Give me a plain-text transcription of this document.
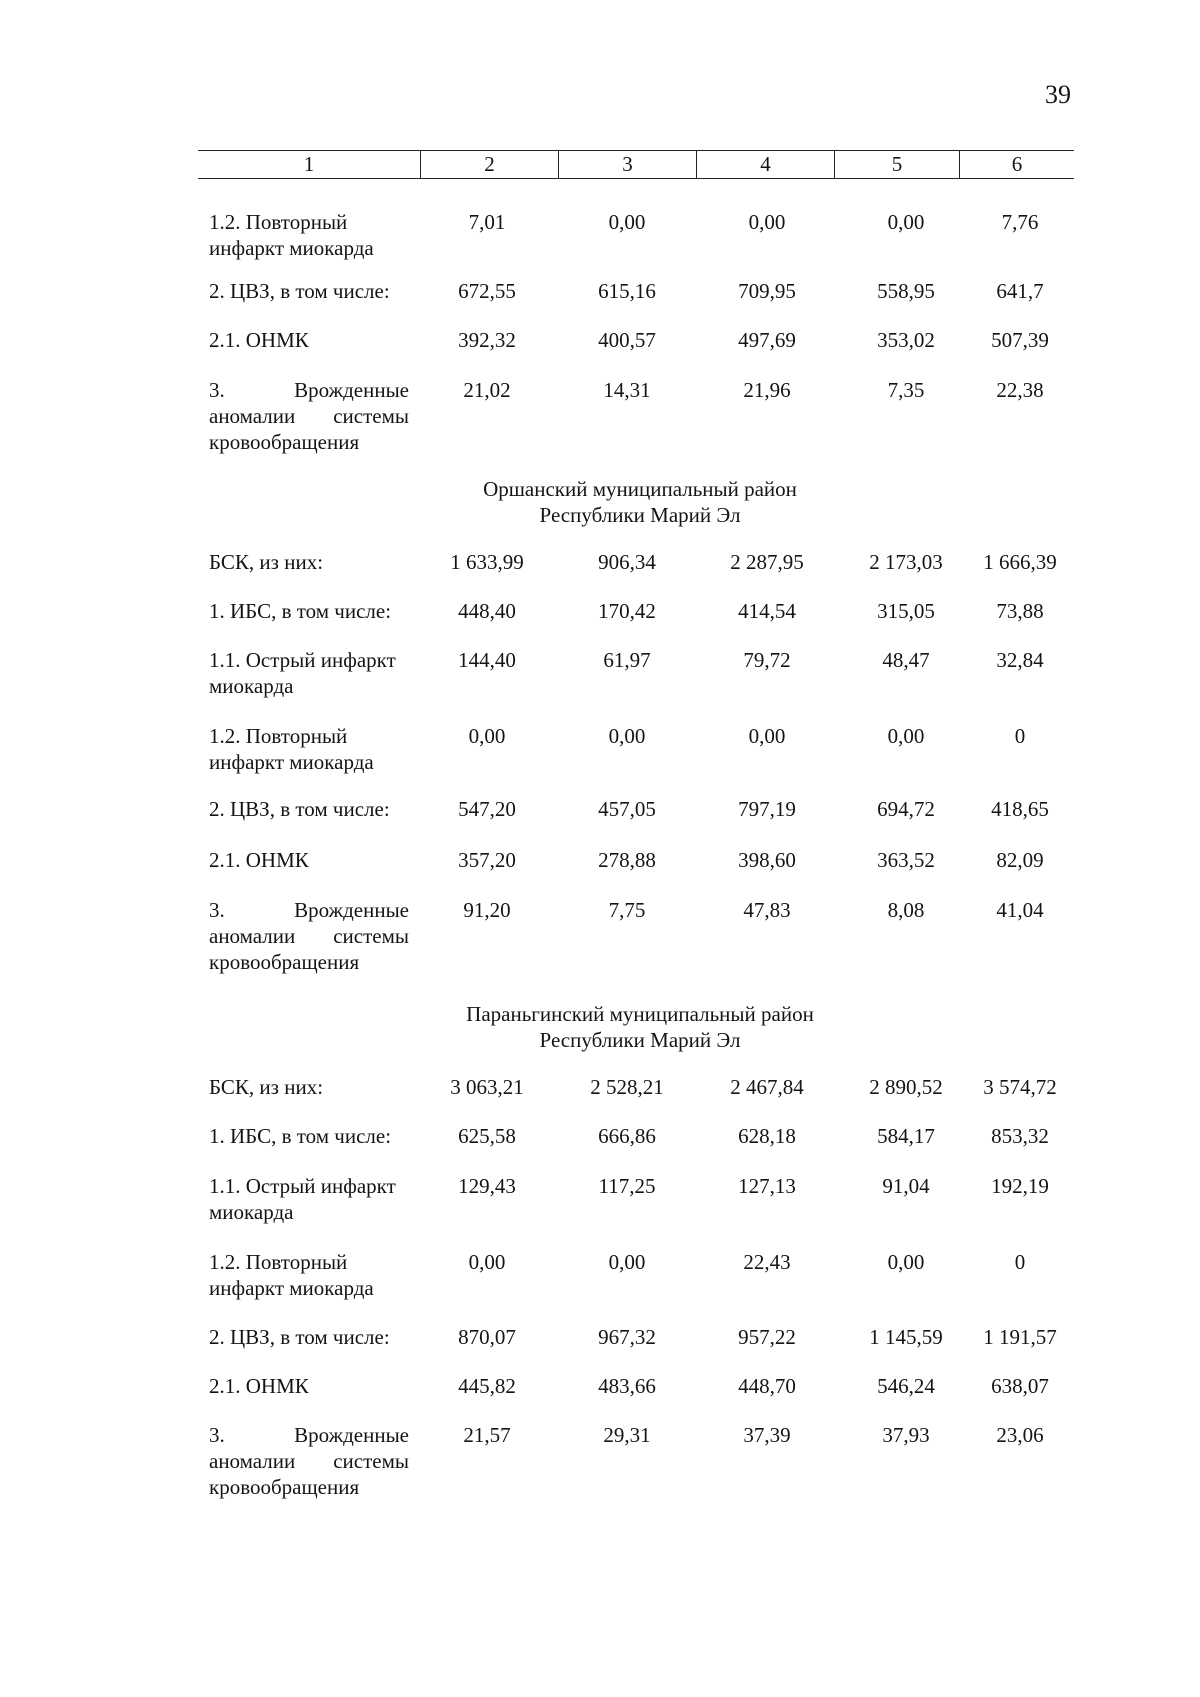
39
1	2	3	4	5	6
1.2. Повторный
инфаркт миокарда
7,01	0,00	0,00	0,00	7,76
2. ЦВЗ, в том числе:	672,55	615,16	709,95	558,95	641,7
2.1. ОНМК	392,32	400,57	497,69	353,02	507,39
3. Врожденные
аномалии системы
кровообращения
21,02	14,31	21,96	7,35	22,38
Оршанский муниципальный район
Республики Марий Эл
БСК, из них:	1 633,99	906,34	2 287,95	2 173,03	1 666,39
1. ИБС, в том числе:	448,40	170,42	414,54	315,05	73,88
1.1. Острый инфаркт
миокарда
144,40	61,97	79,72	48,47	32,84
1.2. Повторный
инфаркт миокарда
0,00	0,00	0,00	0,00	0
2. ЦВЗ, в том числе:	547,20	457,05	797,19	694,72	418,65
2.1. ОНМК	357,20	278,88	398,60	363,52	82,09
3. Врожденные
аномалии системы
кровообращения
91,20	7,75	47,83	8,08	41,04
Параньгинский муниципальный район
Республики Марий Эл
БСК, из них:	3 063,21	2 528,21	2 467,84	2 890,52	3 574,72
1. ИБС, в том числе:	625,58	666,86	628,18	584,17	853,32
1.1. Острый инфаркт
миокарда
129,43	117,25	127,13	91,04	192,19
1.2. Повторный
инфаркт миокарда
0,00	0,00	22,43	0,00	0
2. ЦВЗ, в том числе:	870,07	967,32	957,22	1 145,59	1 191,57
2.1. ОНМК	445,82	483,66	448,70	546,24	638,07
3. Врожденные
аномалии системы
кровообращения
21,57	29,31	37,39	37,93	23,06
